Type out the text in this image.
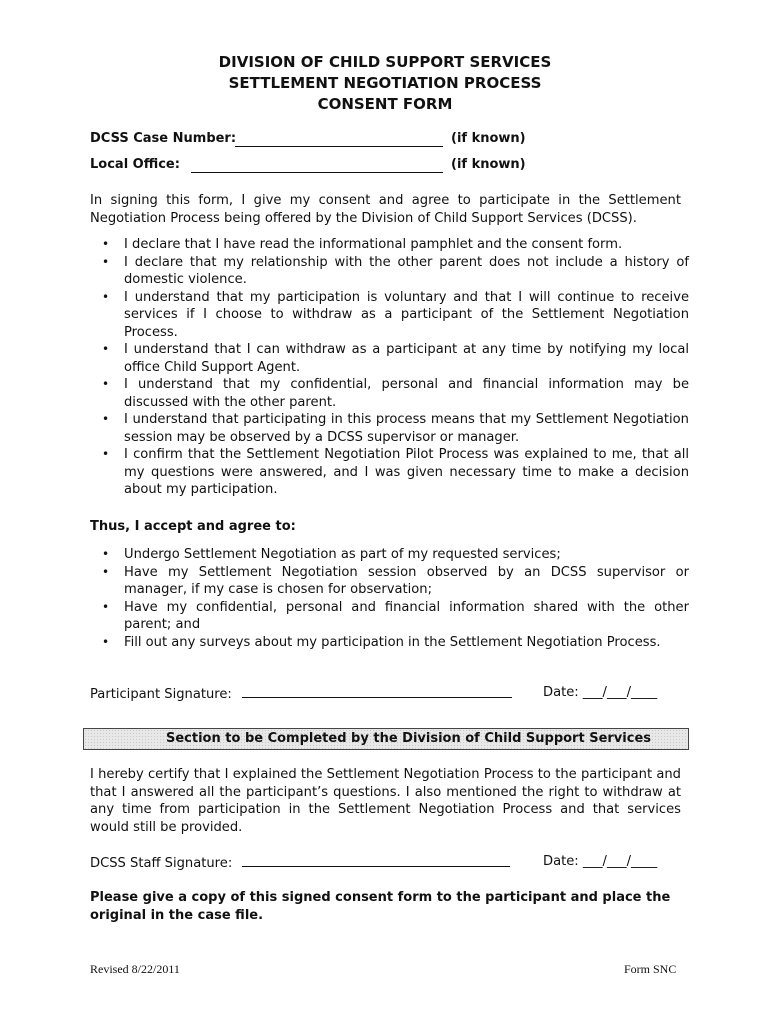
DIVISION OF CHILD SUPPORT SERVICES
SETTLEMENT NEGOTIATION PROCESS
CONSENT FORM
DCSS Case Number:	(if known)
Local Office:	(if known)

In signing this form, I give my consent and agree to participate in the Settlement Negotiation Process being offered by the Division of Child Support Services (DCSS).

• I declare that I have read the informational pamphlet and the consent form.
• I declare that my relationship with the other parent does not include a history of domestic violence.
• I understand that my participation is voluntary and that I will continue to receive services if I choose to withdraw as a participant of the Settlement Negotiation Process.
• I understand that I can withdraw as a participant at any time by notifying my local office Child Support Agent.
• I understand that my confidential, personal and financial information may be discussed with the other parent.
• I understand that participating in this process means that my Settlement Negotiation session may be observed by a DCSS supervisor or manager.
• I confirm that the Settlement Negotiation Pilot Process was explained to me, that all my questions were answered, and I was given necessary time to make a decision about my participation.
Thus, I accept and agree to:
• Undergo Settlement Negotiation as part of my requested services;
• Have my Settlement Negotiation session observed by an DCSS supervisor or manager, if my case is chosen for observation;
• Have my confidential, personal and financial information shared with the other parent; and
• Fill out any surveys about my participation in the Settlement Negotiation Process.
Participant Signature:	Date: ___/___/____
Section to be Completed by the Division of Child Support Services

I hereby certify that I explained the Settlement Negotiation Process to the participant and that I answered all the participant’s questions. I also mentioned the right to withdraw at any time from participation in the Settlement Negotiation Process and that services would still be provided.

DCSS Staff Signature:	Date: ___/___/____

Please give a copy of this signed consent form to the participant and place the original in the case file.

Revised 8/22/2011	Form SNC
